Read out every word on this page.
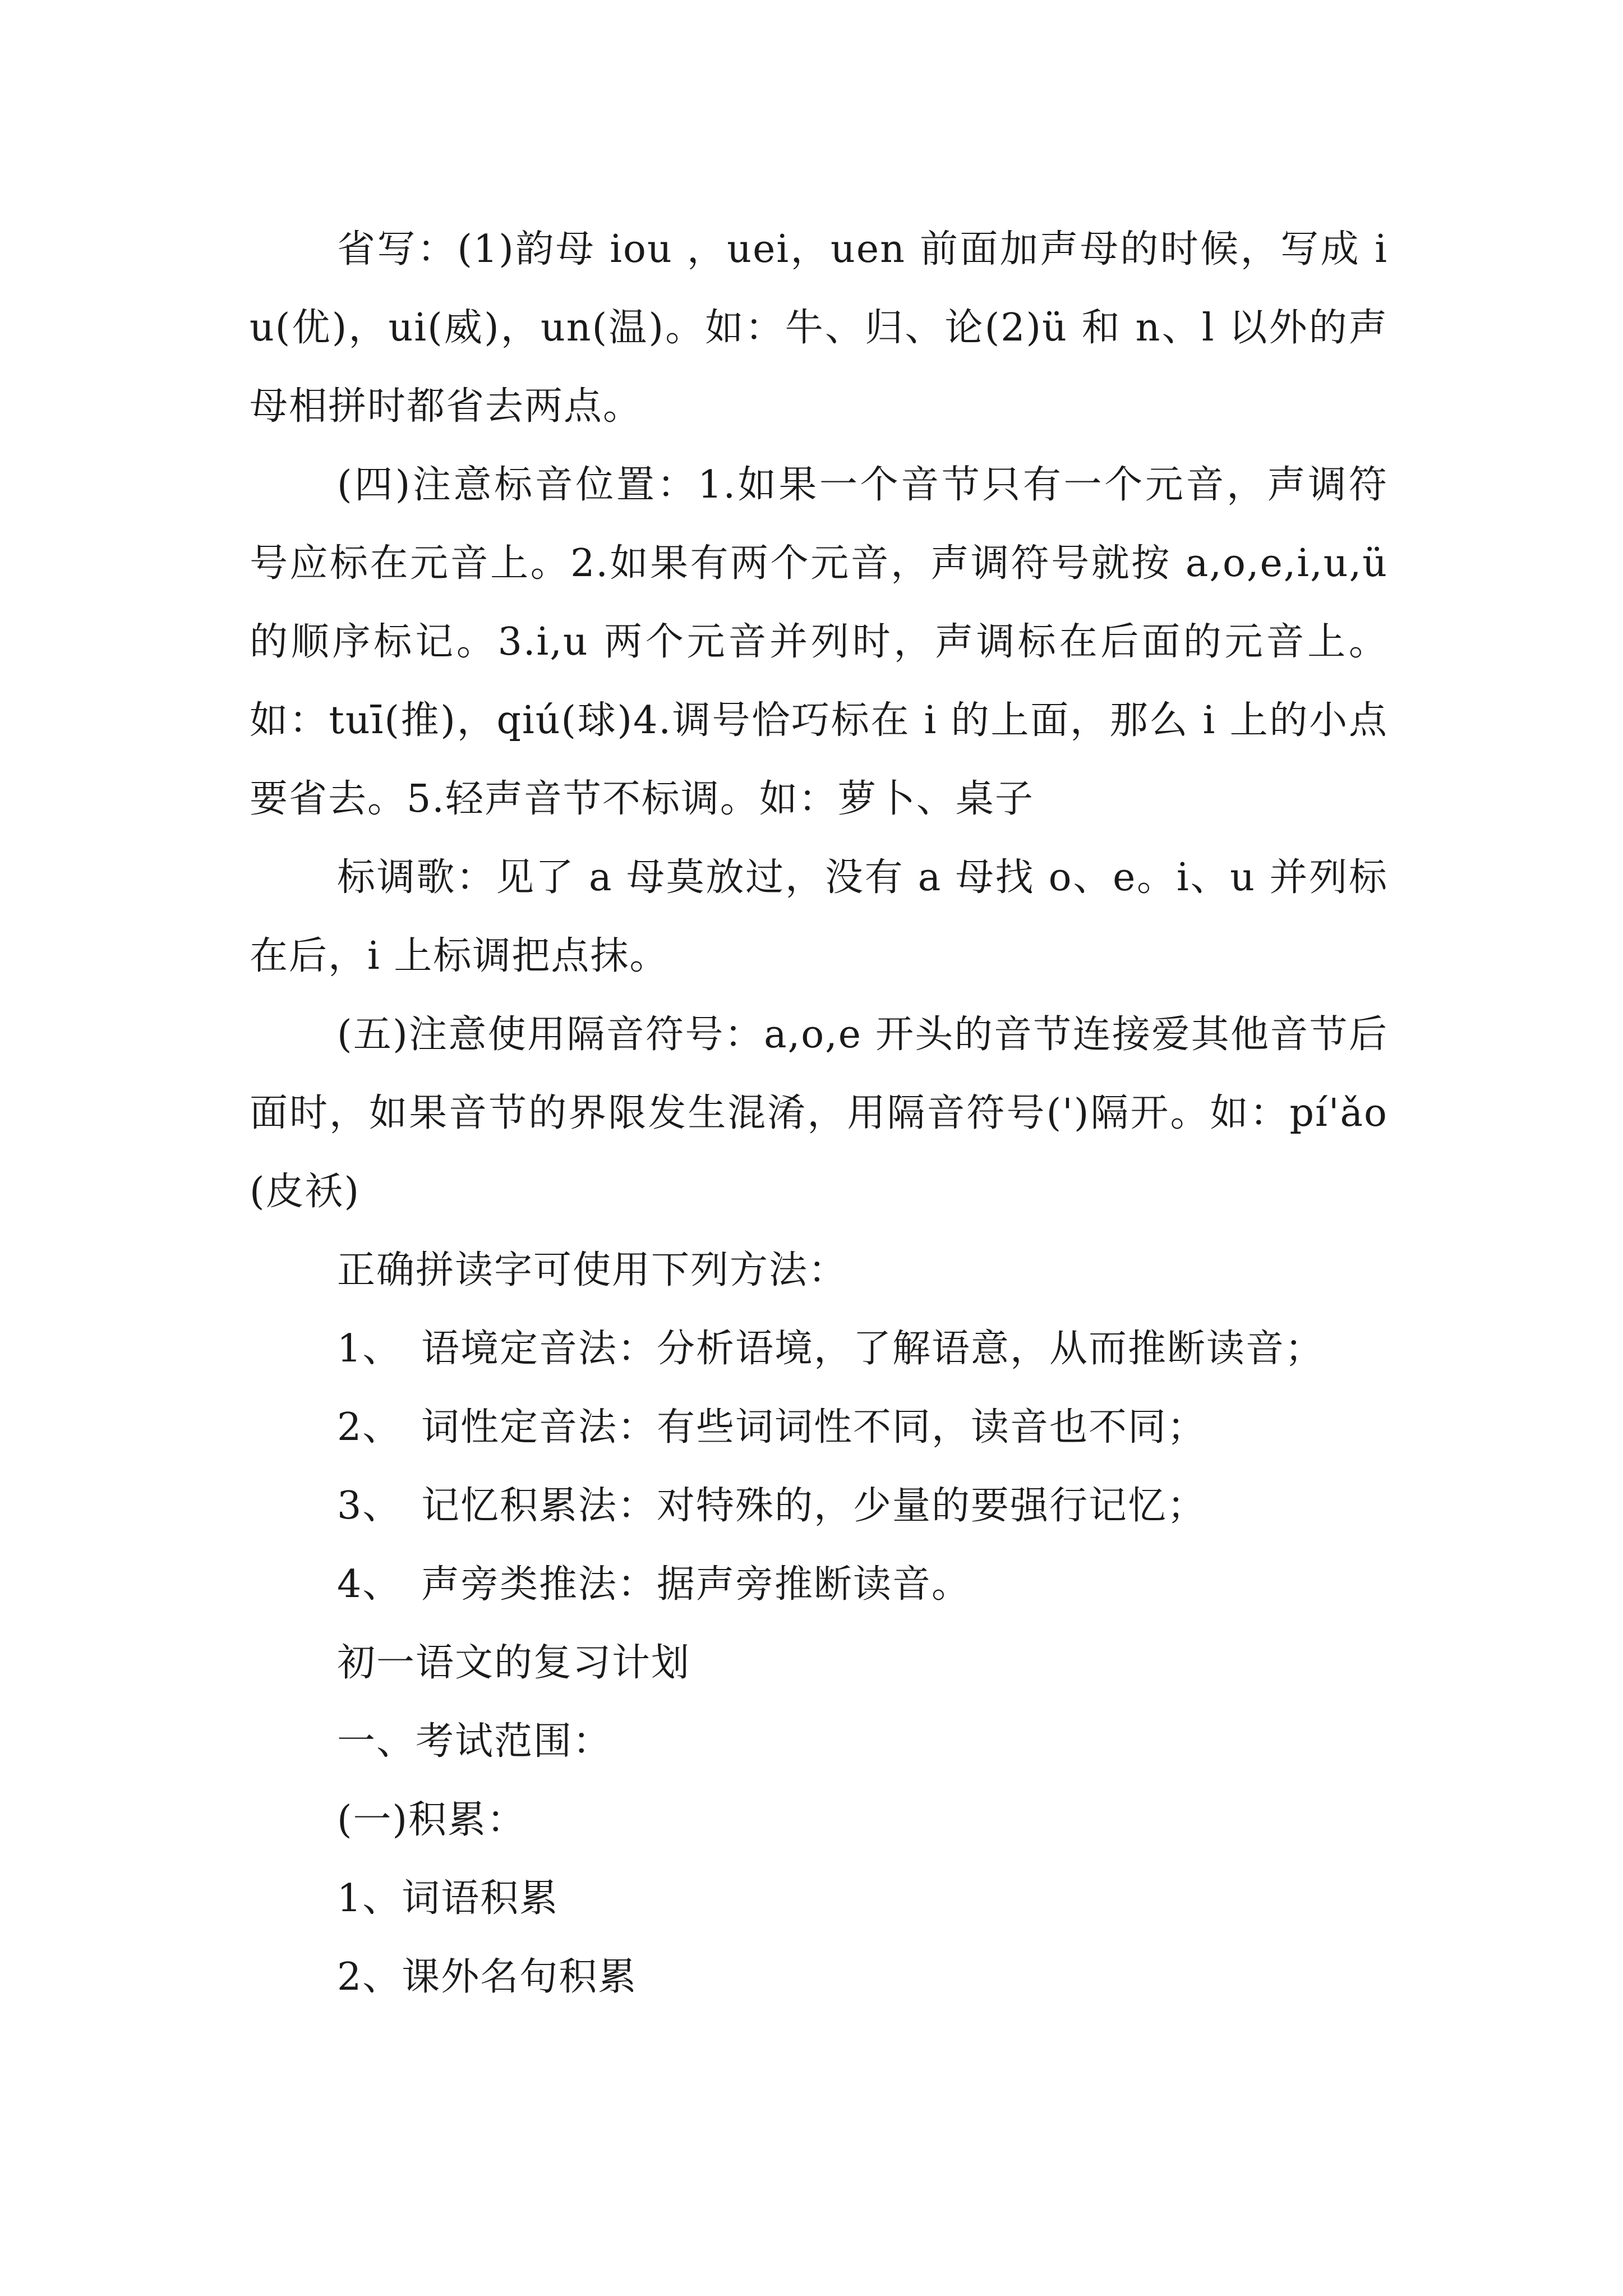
省写：(1)韵母 iou ，uei，uen 前面加声母的时候，写成 iu(优)，ui(威)，un(温)。如：牛、归、论(2)ü 和 n、l 以外的声母相拼时都省去两点。

(四)注意标音位置：1.如果一个音节只有一个元音，声调符号应标在元音上。2.如果有两个元音，声调符号就按 a,o,e,i,u,ü 的顺序标记。3.i,u 两个元音并列时，声调标在后面的元音上。如：tuī(推)，qiú(球)4.调号恰巧标在 i 的上面，那么 i 上的小点要省去。5.轻声音节不标调。如：萝卜、桌子

标调歌：见了 a 母莫放过，没有 a 母找 o、e。i、u 并列标在后，i 上标调把点抹。

(五)注意使用隔音符号：a,o,e 开头的音节连接爱其他音节后面时，如果音节的界限发生混淆，用隔音符号(')隔开。如：pí'ǎo(皮袄)

正确拼读字可使用下列方法：

1、 语境定音法：分析语境，了解语意，从而推断读音；

2、 词性定音法：有些词词性不同，读音也不同；

3、 记忆积累法：对特殊的，少量的要强行记忆；

4、 声旁类推法：据声旁推断读音。

初一语文的复习计划

一、考试范围：

(一)积累：

1、词语积累

2、课外名句积累
